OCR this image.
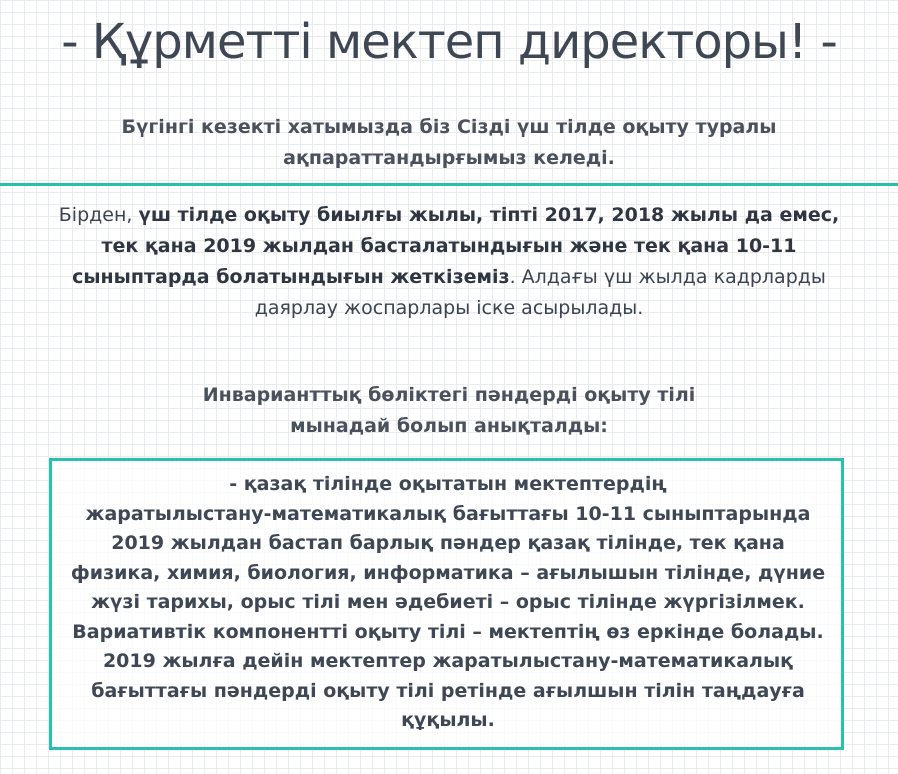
- Құрметті мектеп директоры! -
Бүгінгі кезекті хатымызда біз Сізді үш тілде оқыту туралы
ақпараттандырғымыз келеді.
Бірден, үш тілде оқыту биылғы жылы, тіпті 2017, 2018 жылы да емес,
тек қана 2019 жылдан басталатындығын және тек қана 10-11
сыныптарда болатындығын жеткіземіз. Алдағы үш жылда кадрларды
даярлау жоспарлары іске асырылады.
Инварианттық бөліктегі пәндерді оқыту тілі
мынадай болып анықталды:
- қазақ тілінде оқытатын мектептердің
жаратылыстану-математикалық бағыттағы 10-11 сыныптарында
2019 жылдан бастап барлық пәндер қазақ тілінде, тек қана
физика, химия, биология, информатика – ағылышын тілінде, дүние
жүзі тарихы, орыс тілі мен әдебиеті – орыс тілінде жүргізілмек.
Вариативтік компонентті оқыту тілі – мектептің өз еркінде болады.
2019 жылға дейін мектептер жаратылыстану-математикалық
бағыттағы пәндерді оқыту тілі ретінде ағылшын тілін таңдауға
құқылы.
